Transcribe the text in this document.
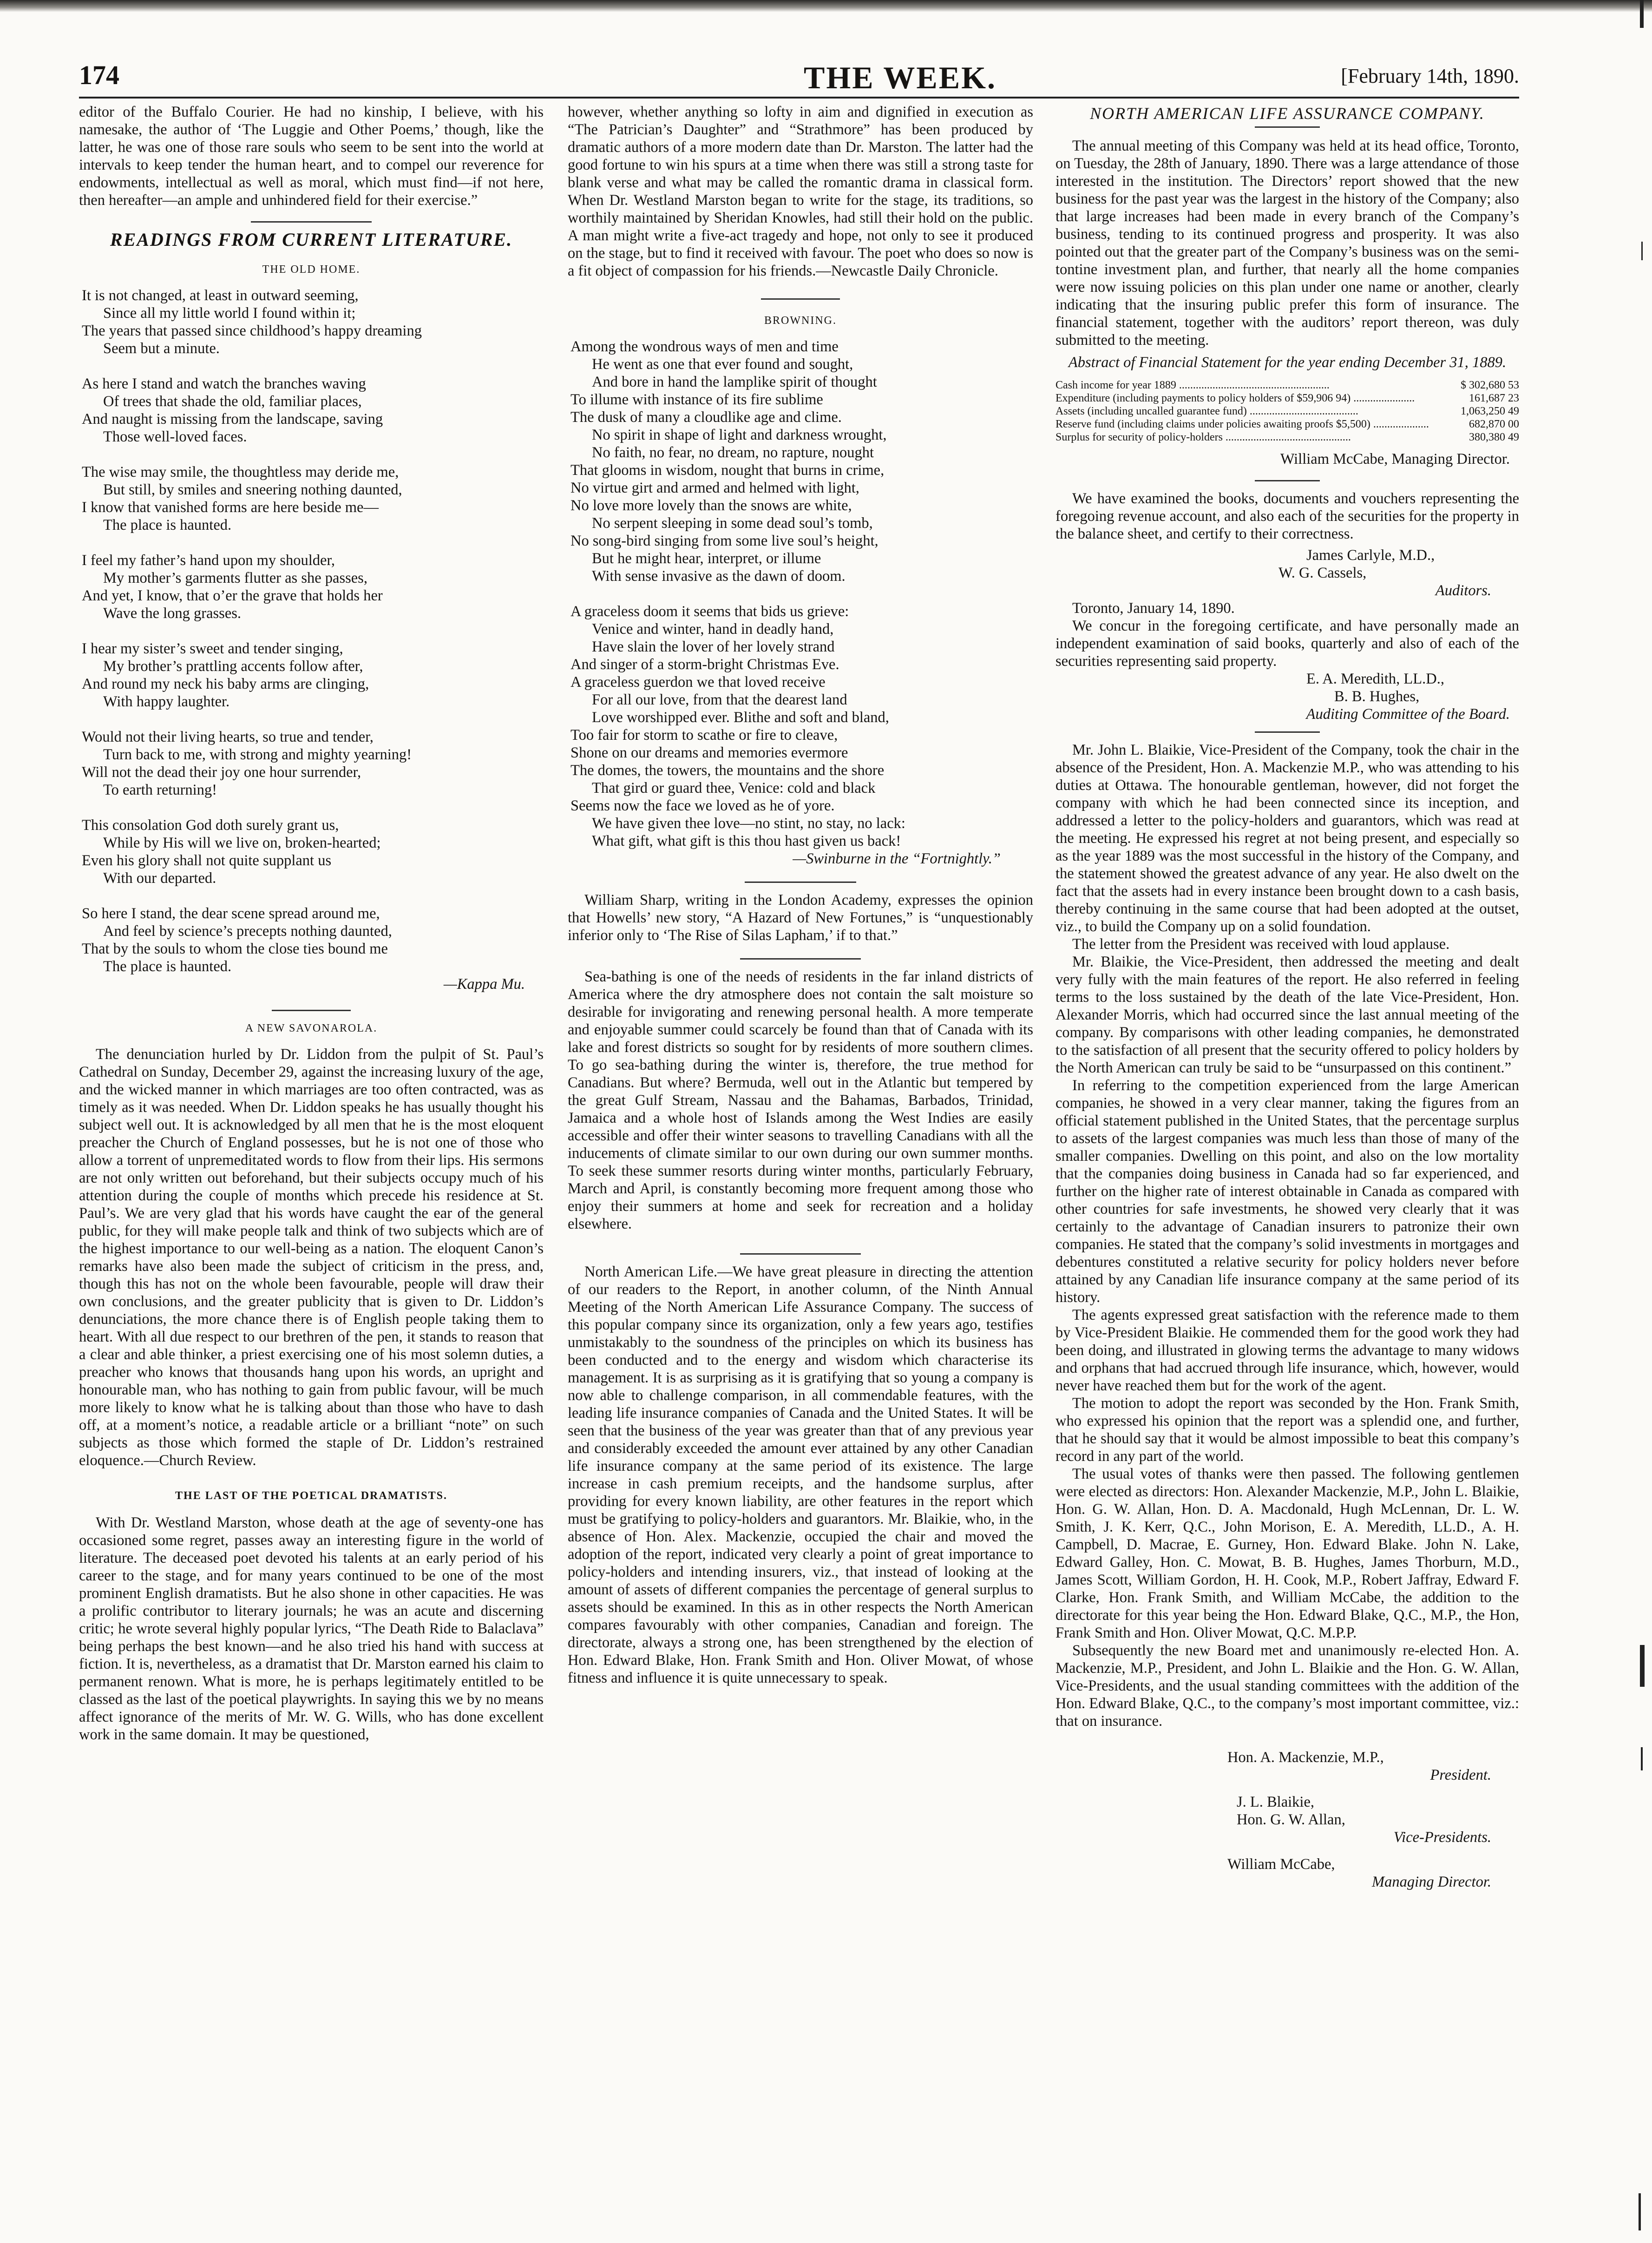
174	THE WEEK.	[February 14th, 1890.

editor of the Buffalo Courier. He had no kinship, I believe, with his namesake, the author of ‘The Luggie and Other Poems,’ though, like the latter, he was one of those rare souls who seem to be sent into the world at intervals to keep tender the human heart, and to compel our reverence for endowments, intellectual as well as moral, which must find—if not here, then hereafter—an ample and unhindered field for their exercise.”

READINGS FROM CURRENT LITERATURE.
THE OLD HOME.
It is not changed, at least in outward seeming,
Since all my little world I found within it;
The years that passed since childhood’s happy dreaming
Seem but a minute.
As here I stand and watch the branches waving
Of trees that shade the old, familiar places,
And naught is missing from the landscape, saving
Those well-loved faces.
The wise may smile, the thoughtless may deride me,
But still, by smiles and sneering nothing daunted,
I know that vanished forms are here beside me—
The place is haunted.
I feel my father’s hand upon my shoulder,
My mother’s garments flutter as she passes,
And yet, I know, that o’er the grave that holds her
Wave the long grasses.
I hear my sister’s sweet and tender singing,
My brother’s prattling accents follow after,
And round my neck his baby arms are clinging,
With happy laughter.
Would not their living hearts, so true and tender,
Turn back to me, with strong and mighty yearning!
Will not the dead their joy one hour surrender,
To earth returning!
This consolation God doth surely grant us,
While by His will we live on, broken-hearted;
Even his glory shall not quite supplant us
With our departed.
So here I stand, the dear scene spread around me,
And feel by science’s precepts nothing daunted,
That by the souls to whom the close ties bound me
The place is haunted.
—Kappa Mu.
A NEW SAVONAROLA.

The denunciation hurled by Dr. Liddon from the pulpit of St. Paul’s Cathedral on Sunday, December 29, against the increasing luxury of the age, and the wicked manner in which marriages are too often contracted, was as timely as it was needed. When Dr. Liddon speaks he has usually thought his subject well out. It is acknowledged by all men that he is the most eloquent preacher the Church of England possesses, but he is not one of those who allow a torrent of unpremeditated words to flow from their lips. His sermons are not only written out beforehand, but their subjects occupy much of his attention during the couple of months which precede his residence at St. Paul’s. We are very glad that his words have caught the ear of the general public, for they will make people talk and think of two subjects which are of the highest importance to our well-being as a nation. The eloquent Canon’s remarks have also been made the subject of criticism in the press, and, though this has not on the whole been favourable, people will draw their own conclusions, and the greater publicity that is given to Dr. Liddon’s denunciations, the more chance there is of English people taking them to heart. With all due respect to our brethren of the pen, it stands to reason that a clear and able thinker, a priest exercising one of his most solemn duties, a preacher who knows that thousands hang upon his words, an upright and honourable man, who has nothing to gain from public favour, will be much more likely to know what he is talking about than those who have to dash off, at a moment’s notice, a readable article or a brilliant “note” on such subjects as those which formed the staple of Dr. Liddon’s restrained eloquence.—Church Review.

THE LAST OF THE POETICAL DRAMATISTS.

With Dr. Westland Marston, whose death at the age of seventy-one has occasioned some regret, passes away an interesting figure in the world of literature. The deceased poet devoted his talents at an early period of his career to the stage, and for many years continued to be one of the most prominent English dramatists. But he also shone in other capacities. He was a prolific contributor to literary journals; he was an acute and discerning critic; he wrote several highly popular lyrics, “The Death Ride to Balaclava” being perhaps the best known—and he also tried his hand with success at fiction. It is, nevertheless, as a dramatist that Dr. Marston earned his claim to permanent renown. What is more, he is perhaps legitimately entitled to be classed as the last of the poetical playwrights. In saying this we by no means affect ignorance of the merits of Mr. W. G. Wills, who has done excellent work in the same domain. It may be questioned,

however, whether anything so lofty in aim and dignified in execution as “The Patrician’s Daughter” and “Strathmore” has been produced by dramatic authors of a more modern date than Dr. Marston. The latter had the good fortune to win his spurs at a time when there was still a strong taste for blank verse and what may be called the romantic drama in classical form. When Dr. Westland Marston began to write for the stage, its traditions, so worthily maintained by Sheridan Knowles, had still their hold on the public. A man might write a five-act tragedy and hope, not only to see it produced on the stage, but to find it received with favour. The poet who does so now is a fit object of compassion for his friends.—Newcastle Daily Chronicle.

BROWNING.
Among the wondrous ways of men and time
He went as one that ever found and sought,
And bore in hand the lamplike spirit of thought
To illume with instance of its fire sublime
The dusk of many a cloudlike age and clime.
No spirit in shape of light and darkness wrought,
No faith, no fear, no dream, no rapture, nought
That glooms in wisdom, nought that burns in crime,
No virtue girt and armed and helmed with light,
No love more lovely than the snows are white,
No serpent sleeping in some dead soul’s tomb,
No song-bird singing from some live soul’s height,
But he might hear, interpret, or illume
With sense invasive as the dawn of doom.
A graceless doom it seems that bids us grieve:
Venice and winter, hand in deadly hand,
Have slain the lover of her lovely strand
And singer of a storm-bright Christmas Eve.
A graceless guerdon we that loved receive
For all our love, from that the dearest land
Love worshipped ever. Blithe and soft and bland,
Too fair for storm to scathe or fire to cleave,
Shone on our dreams and memories evermore
The domes, the towers, the mountains and the shore
That gird or guard thee, Venice: cold and black
Seems now the face we loved as he of yore.
We have given thee love—no stint, no stay, no lack:
What gift, what gift is this thou hast given us back!
—Swinburne in the “Fortnightly.”

William Sharp, writing in the London Academy, expresses the opinion that Howells’ new story, “A Hazard of New Fortunes,” is “unquestionably inferior only to ‘The Rise of Silas Lapham,’ if to that.”

Sea-bathing is one of the needs of residents in the far inland districts of America where the dry atmosphere does not contain the salt moisture so desirable for invigorating and renewing personal health. A more temperate and enjoyable summer could scarcely be found than that of Canada with its lake and forest districts so sought for by residents of more southern climes. To go sea-bathing during the winter is, therefore, the true method for Canadians. But where? Bermuda, well out in the Atlantic but tempered by the great Gulf Stream, Nassau and the Bahamas, Barbados, Trinidad, Jamaica and a whole host of Islands among the West Indies are easily accessible and offer their winter seasons to travelling Canadians with all the inducements of climate similar to our own during our own summer months. To seek these summer resorts during winter months, particularly February, March and April, is constantly becoming more frequent among those who enjoy their summers at home and seek for recreation and a holiday elsewhere.

North American Life.—We have great pleasure in directing the attention of our readers to the Report, in another column, of the Ninth Annual Meeting of the North American Life Assurance Company. The success of this popular company since its organization, only a few years ago, testifies unmistakably to the soundness of the principles on which its business has been conducted and to the energy and wisdom which characterise its management. It is as surprising as it is gratifying that so young a company is now able to challenge comparison, in all commendable features, with the leading life insurance companies of Canada and the United States. It will be seen that the business of the year was greater than that of any previous year and considerably exceeded the amount ever attained by any other Canadian life insurance company at the same period of its existence. The large increase in cash premium receipts, and the handsome surplus, after providing for every known liability, are other features in the report which must be gratifying to policy-holders and guarantors. Mr. Blaikie, who, in the absence of Hon. Alex. Mackenzie, occupied the chair and moved the adoption of the report, indicated very clearly a point of great importance to policy-holders and intending insurers, viz., that instead of looking at the amount of assets of different companies the percentage of general surplus to assets should be examined. In this as in other respects the North American compares favourably with other companies, Canadian and foreign. The directorate, always a strong one, has been strengthened by the election of Hon. Edward Blake, Hon. Frank Smith and Hon. Oliver Mowat, of whose fitness and influence it is quite unnecessary to speak.

NORTH AMERICAN LIFE ASSURANCE COMPANY.

The annual meeting of this Company was held at its head office, Toronto, on Tuesday, the 28th of January, 1890. There was a large attendance of those interested in the institution. The Directors’ report showed that the new business for the past year was the largest in the history of the Company; also that large increases had been made in every branch of the Company’s business, tending to its continued progress and prosperity. It was also pointed out that the greater part of the Company’s business was on the semi-tontine investment plan, and further, that nearly all the home companies were now issuing policies on this plan under one name or another, clearly indicating that the insuring public prefer this form of insurance. The financial statement, together with the auditors’ report thereon, was duly submitted to the meeting.

Abstract of Financial Statement for the year ending December 31, 1889.

Cash income for year 1889 ......................................................	$ 302,680 53
Expenditure (including payments to policy holders of $59,906 94) ......................	161,687 23
Assets (including uncalled guarantee fund) .......................................	1,063,250 49
Reserve fund (including claims under policies awaiting proofs $5,500) ....................	682,870 00
Surplus for security of policy-holders .............................................	380,380 49
William McCabe, Managing Director.

We have examined the books, documents and vouchers representing the foregoing revenue account, and also each of the securities for the property in the balance sheet, and certify to their correctness.

James Carlyle, M.D.,
W. G. Cassels,
Auditors.

Toronto, January 14, 1890.

We concur in the foregoing certificate, and have personally made an independent examination of said books, quarterly and also of each of the securities representing said property.

E. A. Meredith, LL.D.,
B. B. Hughes,
Auditing Committee of the Board.

Mr. John L. Blaikie, Vice-President of the Company, took the chair in the absence of the President, Hon. A. Mackenzie M.P., who was attending to his duties at Ottawa. The honourable gentleman, however, did not forget the company with which he had been connected since its inception, and addressed a letter to the policy-holders and guarantors, which was read at the meeting. He expressed his regret at not being present, and especially so as the year 1889 was the most successful in the history of the Company, and the statement showed the greatest advance of any year. He also dwelt on the fact that the assets had in every instance been brought down to a cash basis, thereby continuing in the same course that had been adopted at the outset, viz., to build the Company up on a solid foundation.

The letter from the President was received with loud applause.

Mr. Blaikie, the Vice-President, then addressed the meeting and dealt very fully with the main features of the report. He also referred in feeling terms to the loss sustained by the death of the late Vice-President, Hon. Alexander Morris, which had occurred since the last annual meeting of the company. By comparisons with other leading companies, he demonstrated to the satisfaction of all present that the security offered to policy holders by the North American can truly be said to be “unsurpassed on this continent.”

In referring to the competition experienced from the large American companies, he showed in a very clear manner, taking the figures from an official statement published in the United States, that the percentage surplus to assets of the largest companies was much less than those of many of the smaller companies. Dwelling on this point, and also on the low mortality that the companies doing business in Canada had so far experienced, and further on the higher rate of interest obtainable in Canada as compared with other countries for safe investments, he showed very clearly that it was certainly to the advantage of Canadian insurers to patronize their own companies. He stated that the company’s solid investments in mortgages and debentures constituted a relative security for policy holders never before attained by any Canadian life insurance company at the same period of its history.

The agents expressed great satisfaction with the reference made to them by Vice-President Blaikie. He commended them for the good work they had been doing, and illustrated in glowing terms the advantage to many widows and orphans that had accrued through life insurance, which, however, would never have reached them but for the work of the agent.

The motion to adopt the report was seconded by the Hon. Frank Smith, who expressed his opinion that the report was a splendid one, and further, that he should say that it would be almost impossible to beat this company’s record in any part of the world.

The usual votes of thanks were then passed. The following gentlemen were elected as directors: Hon. Alexander Mackenzie, M.P., John L. Blaikie, Hon. G. W. Allan, Hon. D. A. Macdonald, Hugh McLennan, Dr. L. W. Smith, J. K. Kerr, Q.C., John Morison, E. A. Meredith, LL.D., A. H. Campbell, D. Macrae, E. Gurney, Hon. Edward Blake. John N. Lake, Edward Galley, Hon. C. Mowat, B. B. Hughes, James Thorburn, M.D., James Scott, William Gordon, H. H. Cook, M.P., Robert Jaffray, Edward F. Clarke, Hon. Frank Smith, and William McCabe, the addition to the directorate for this year being the Hon. Edward Blake, Q.C., M.P., the Hon, Frank Smith and Hon. Oliver Mowat, Q.C. M.P.P.

Subsequently the new Board met and unanimously re-elected Hon. A. Mackenzie, M.P., President, and John L. Blaikie and the Hon. G. W. Allan, Vice-Presidents, and the usual standing committees with the addition of the Hon. Edward Blake, Q.C., to the company’s most important committee, viz.: that on insurance.

Hon. A. Mackenzie, M.P.,
President.
J. L. Blaikie,
Hon. G. W. Allan,
Vice-Presidents.
William McCabe,
Managing Director.
